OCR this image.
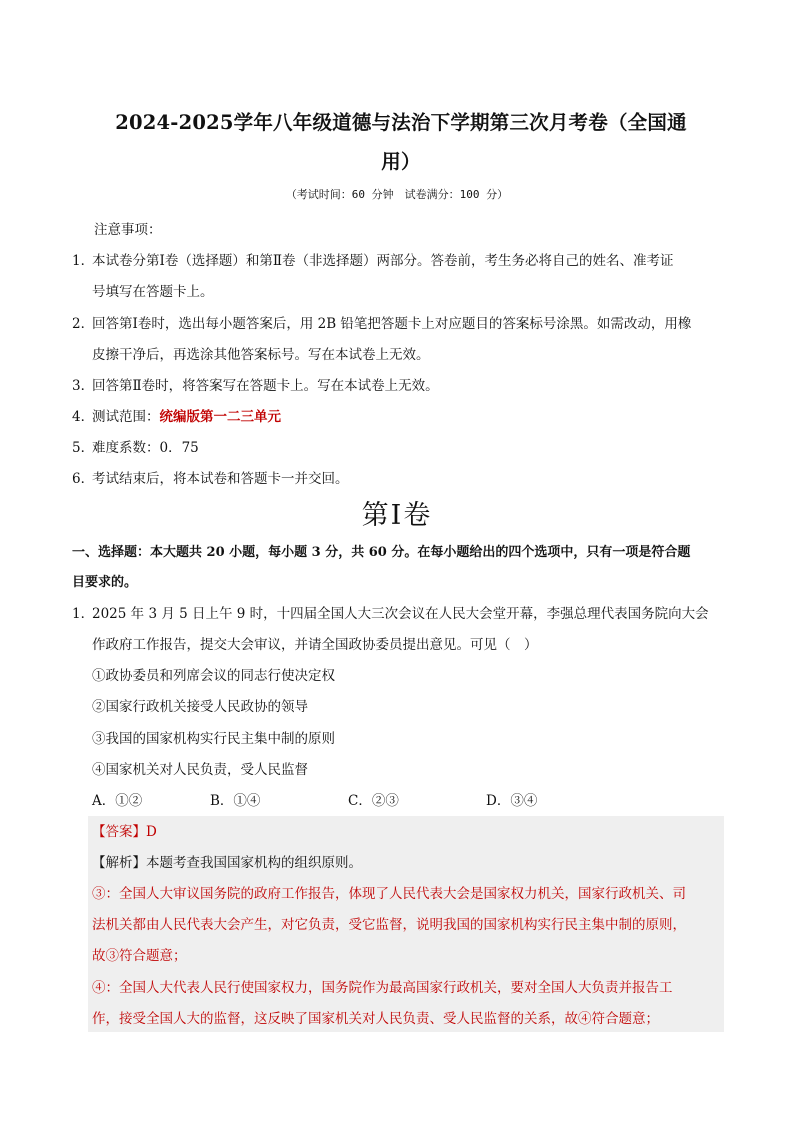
2024-2025学年八年级道德与法治下学期第三次月考卷（全国通
用）
（考试时间：60 分钟　试卷满分：100 分）
注意事项：
1．
本试卷分第Ⅰ卷（选择题）和第Ⅱ卷（非选择题）两部分。答卷前，考生务必将自己的姓名、准考证
号填写在答题卡上。
2．
回答第Ⅰ卷时，选出每小题答案后，用 2B 铅笔把答题卡上对应题目的答案标号涂黑。如需改动，用橡
皮擦干净后，再选涂其他答案标号。写在本试卷上无效。
3．
回答第Ⅱ卷时，将答案写在答题卡上。写在本试卷上无效。
4．
测试范围：统编版第一二三单元
5．
难度系数：0．75
6．
考试结束后，将本试卷和答题卡一并交回。
第Ⅰ卷
一、选择题：本大题共 20 小题，每小题 3 分，共 60 分。在每小题给出的四个选项中，只有一项是符合题
目要求的。
1．
2025 年 3 月 5 日上午 9 时，十四届全国人大三次会议在人民大会堂开幕，李强总理代表国务院向大会
作政府工作报告，提交大会审议，并请全国政协委员提出意见。可见（　）
①政协委员和列席会议的同志行使决定权
②国家行政机关接受人民政协的领导
③我国的国家机构实行民主集中制的原则
④国家机关对人民负责，受人民监督
A．①②	B．①④	C．②③	D．③④
【答案】D
【解析】本题考查我国国家机构的组织原则。
③：全国人大审议国务院的政府工作报告，体现了人民代表大会是国家权力机关，国家行政机关、司
法机关都由人民代表大会产生，对它负责，受它监督，说明我国的国家机构实行民主集中制的原则，
故③符合题意；
④：全国人大代表人民行使国家权力，国务院作为最高国家行政机关，要对全国人大负责并报告工
作，接受全国人大的监督，这反映了国家机关对人民负责、受人民监督的关系，故④符合题意；
